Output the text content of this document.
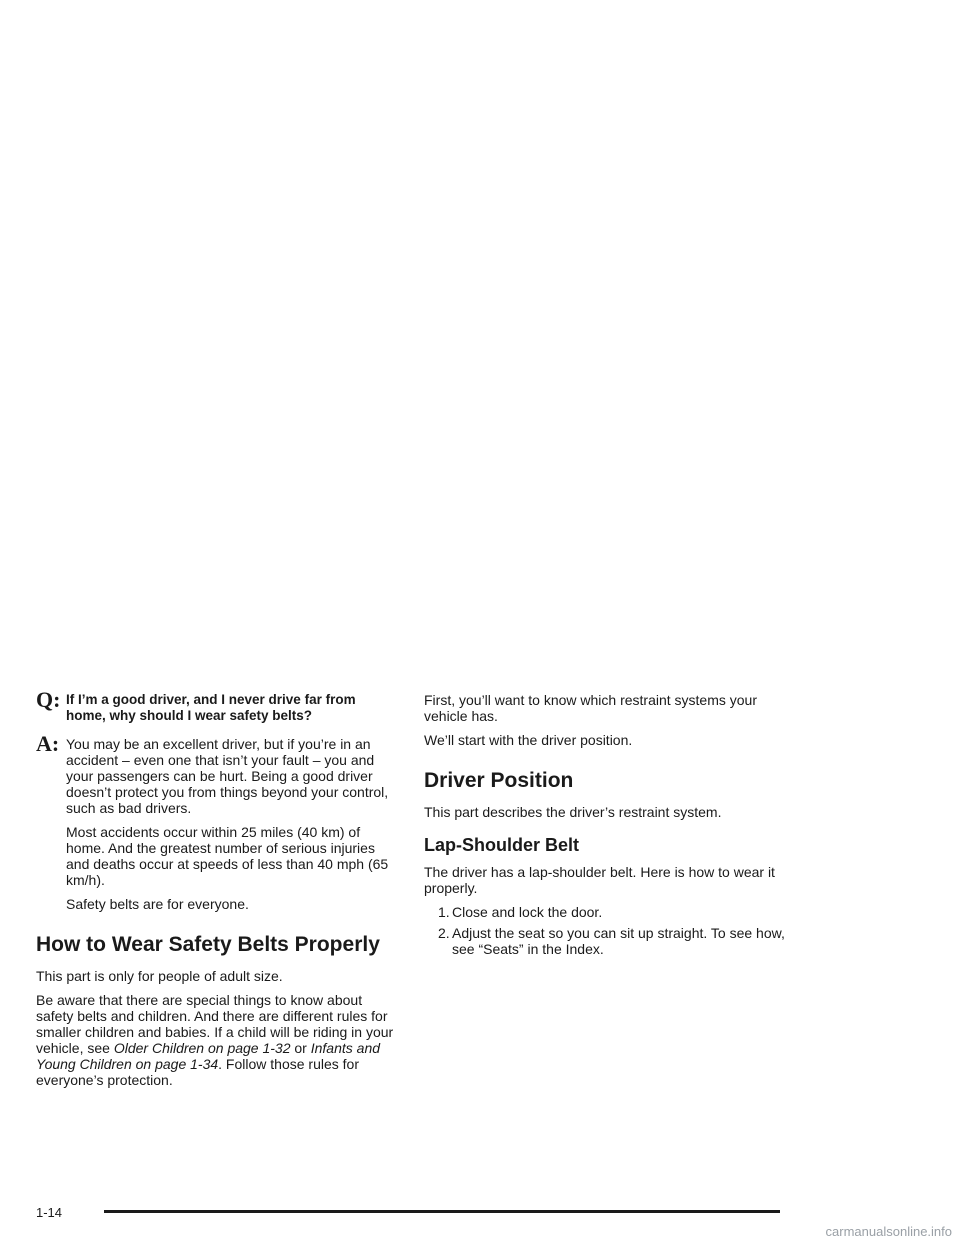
Q: If I’m a good driver, and I never drive far from home, why should I wear safety belts?

A: You may be an excellent driver, but if you’re in an accident – even one that isn’t your fault – you and your passengers can be hurt. Being a good driver doesn’t protect you from things beyond your control, such as bad drivers.

Most accidents occur within 25 miles (40 km) of home. And the greatest number of serious injuries and deaths occur at speeds of less than 40 mph (65 km/h).

Safety belts are for everyone.

How to Wear Safety Belts Properly

This part is only for people of adult size.

Be aware that there are special things to know about safety belts and children. And there are different rules for smaller children and babies. If a child will be riding in your vehicle, see Older Children on page 1-32 or Infants and Young Children on page 1-34. Follow those rules for everyone’s protection.

First, you’ll want to know which restraint systems your vehicle has.

We’ll start with the driver position.

Driver Position

This part describes the driver’s restraint system.

Lap-Shoulder Belt

The driver has a lap-shoulder belt. Here is how to wear it properly.

1. Close and lock the door.
2. Adjust the seat so you can sit up straight. To see how, see “Seats” in the Index.
1-14
carmanualsonline.info
